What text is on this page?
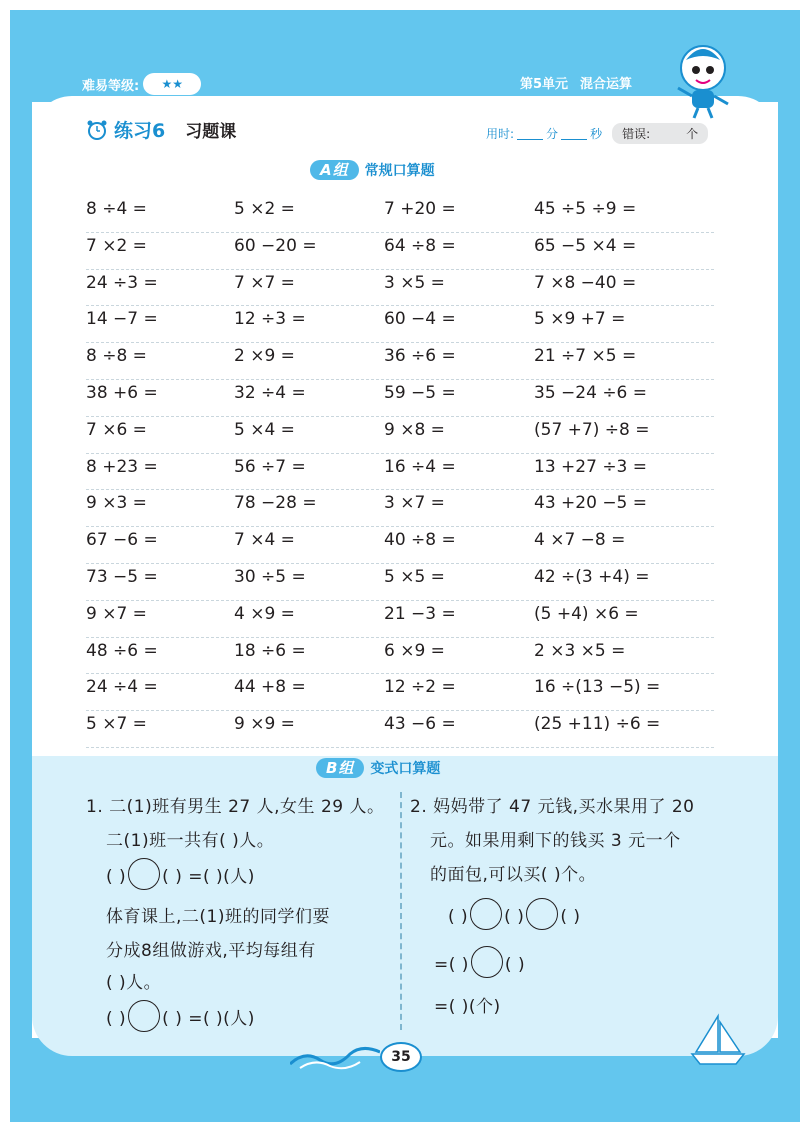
难易等级:	★★	第5单元 混合运算
练习6 习题课	用时:	分	秒 错误:	个
A组	常规口算题
8 ÷4 =	5 ×2 =	7 +20 =	45 ÷5 ÷9 =
7 ×2 =	60 −20 =	64 ÷8 =	65 −5 ×4 =
24 ÷3 =	7 ×7 =	3 ×5 =	7 ×8 −40 =
14 −7 =	12 ÷3 =	60 −4 =	5 ×9 +7 =
8 ÷8 =	2 ×9 =	36 ÷6 =	21 ÷7 ×5 =
38 +6 =	32 ÷4 =	59 −5 =	35 −24 ÷6 =
7 ×6 =	5 ×4 =	9 ×8 =	(57 +7) ÷8 =
8 +23 =	56 ÷7 =	16 ÷4 =	13 +27 ÷3 =
9 ×3 =	78 −28 =	3 ×7 =	43 +20 −5 =
67 −6 =	7 ×4 =	40 ÷8 =	4 ×7 −8 =
73 −5 =	30 ÷5 =	5 ×5 =	42 ÷(3 +4) =
9 ×7 =	4 ×9 =	21 −3 =	(5 +4) ×6 =
48 ÷6 =	18 ÷6 =	6 ×9 =	2 ×3 ×5 =
24 ÷4 =	44 +8 =	12 ÷2 =	16 ÷(13 −5) =
5 ×7 =	9 ×9 =	43 −6 =	(25 +11) ÷6 =
B组	变式口算题
1. 二(1)班有男生 27 人,女生 29 人。
二(1)班一共有( )人。
( ) ( ) =( )(人)
体育课上,二(1)班的同学们要
分成8组做游戏,平均每组有
( )人。
( ) ( ) =( )(人)
2. 妈妈带了 47 元钱,买水果用了 20
元。如果用剩下的钱买 3 元一个
的面包,可以买( )个。
( ) ( ) ( )
=( ) ( )
=( )(个)
35
